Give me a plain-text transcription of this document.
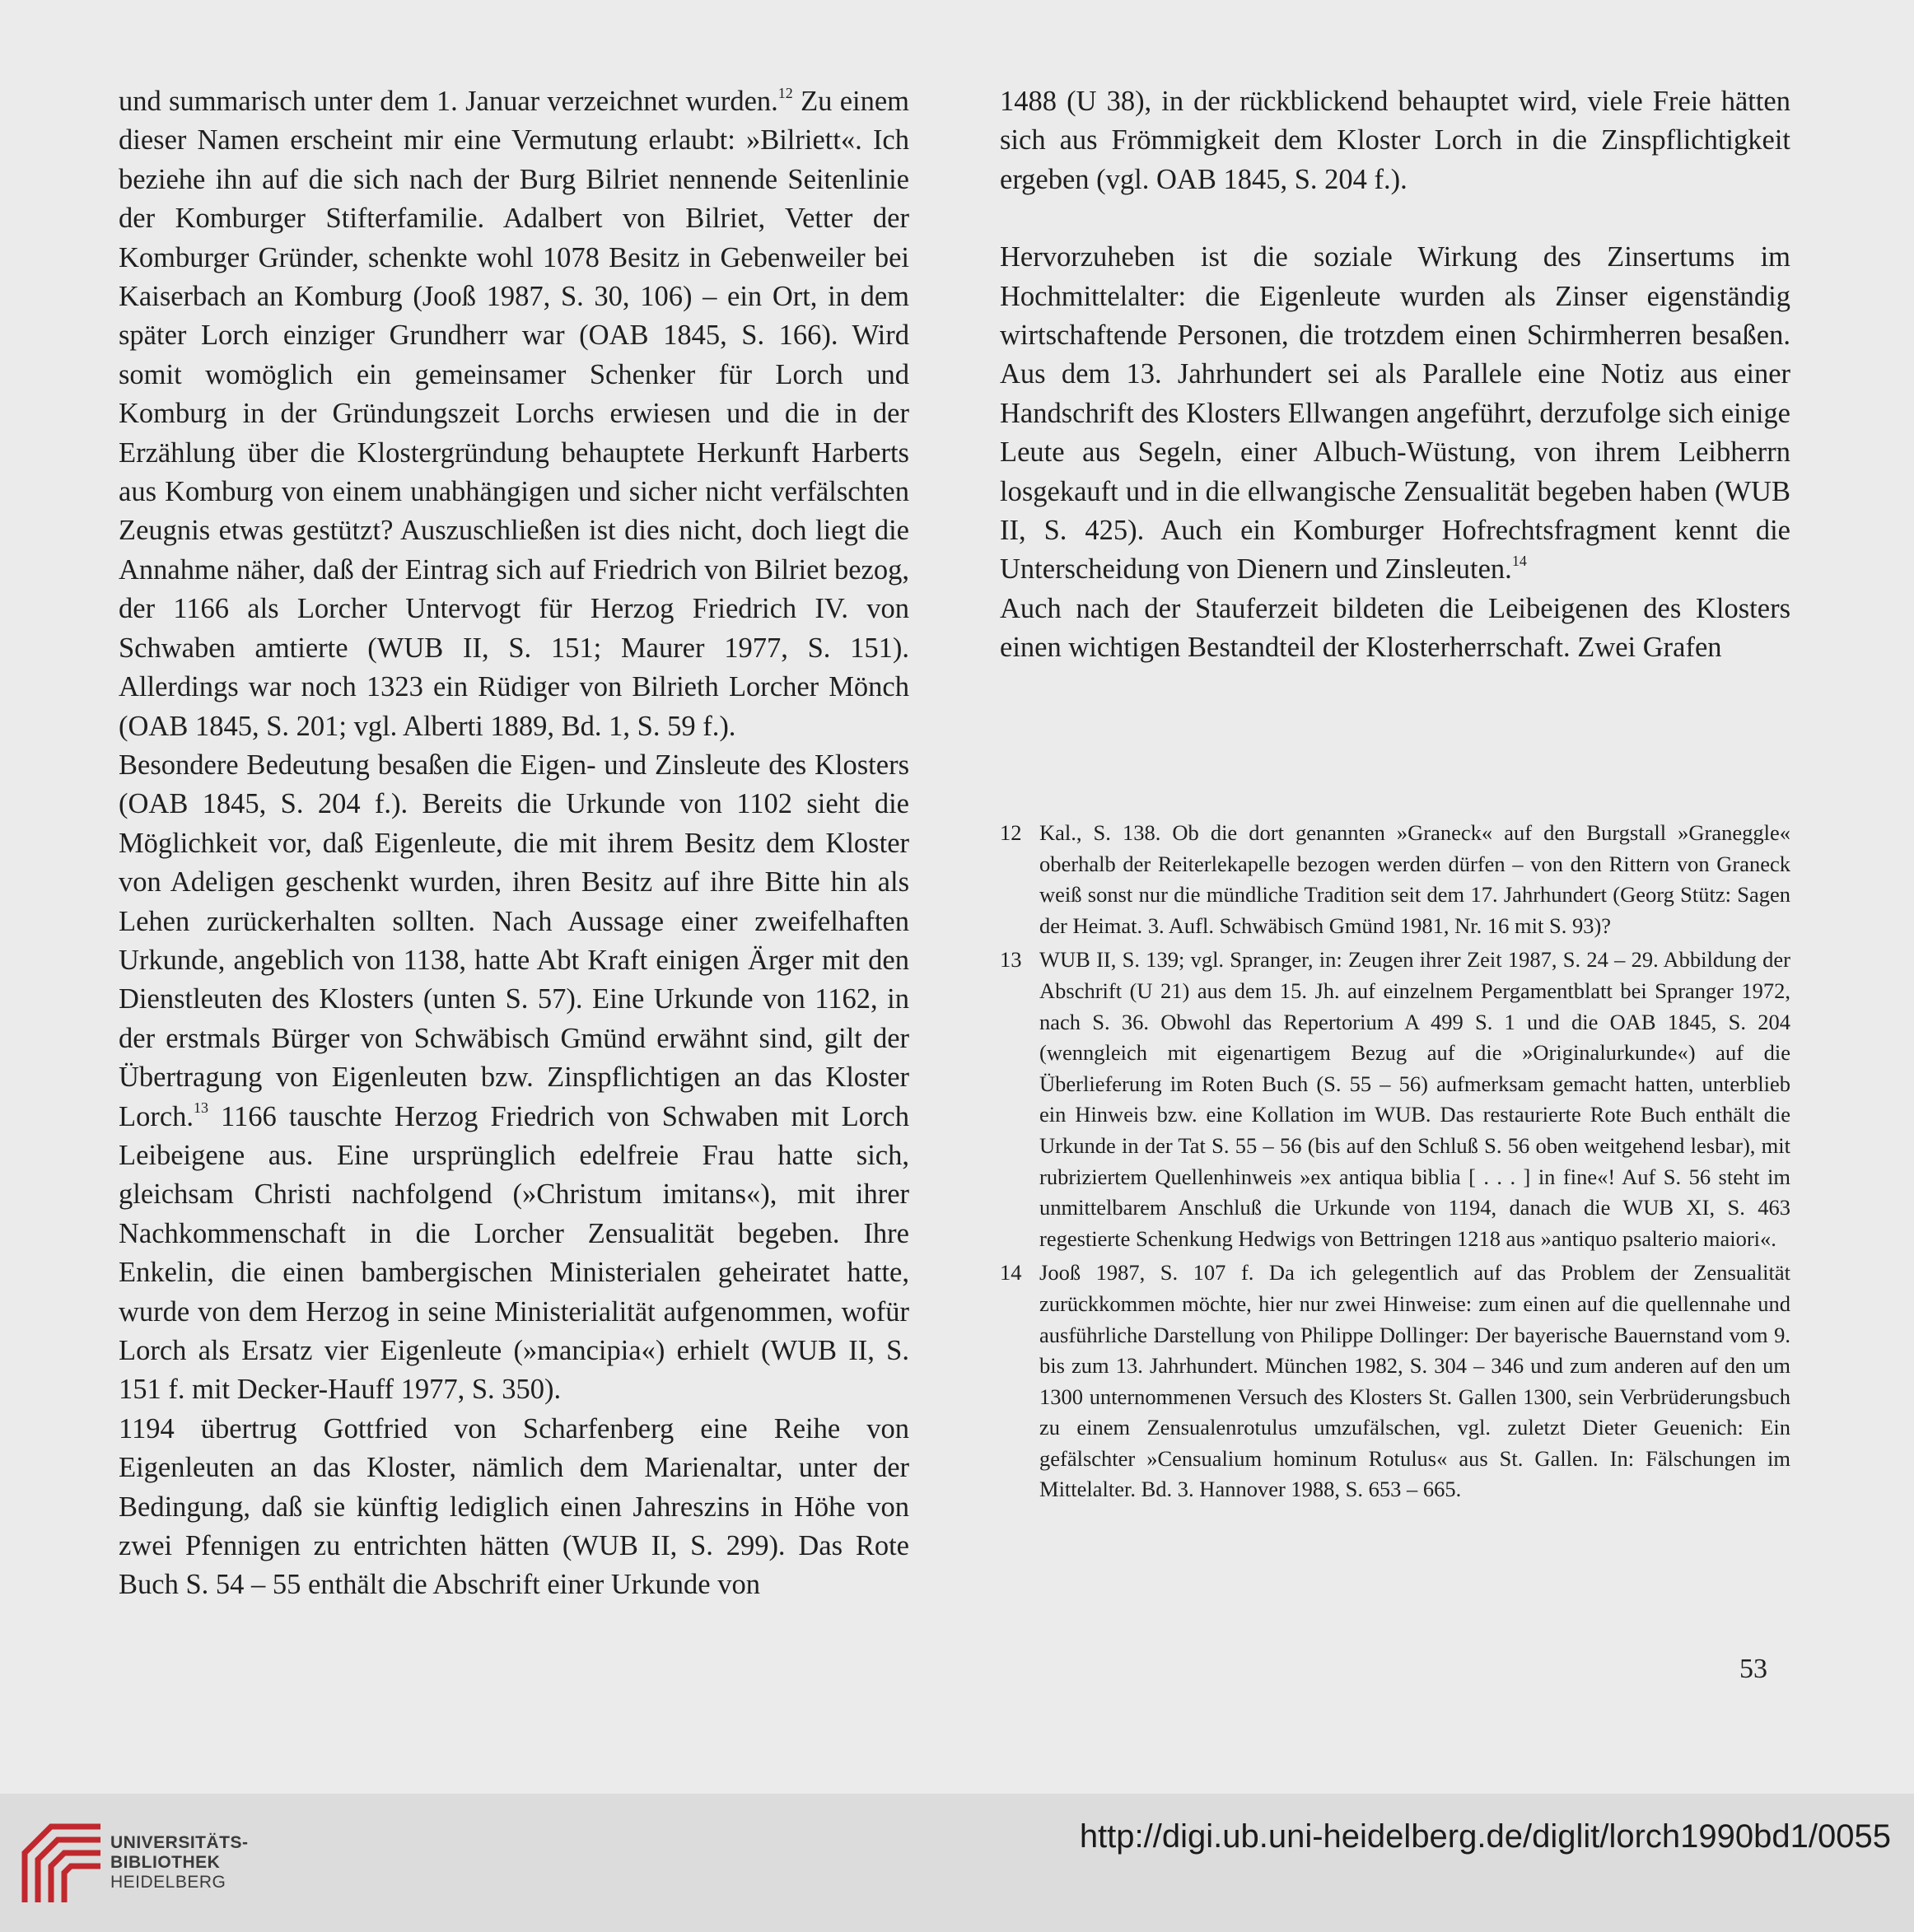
und summarisch unter dem 1. Januar verzeichnet wurden.$^{12}$ Zu einem dieser Namen erscheint mir eine Vermutung erlaubt: »Bilriett«. Ich beziehe ihn auf die sich nach der Burg Bilriet nennende Seitenlinie der Komburger Stifterfamilie. Adalbert von Bilriet, Vetter der Komburger Gründer, schenkte wohl 1078 Besitz in Gebenweiler bei Kaiserbach an Komburg (Jooß 1987, S. 30, 106) – ein Ort, in dem später Lorch einziger Grundherr war (OAB 1845, S. 166). Wird somit womöglich ein gemeinsamer Schenker für Lorch und Komburg in der Gründungszeit Lorchs erwiesen und die in der Erzählung über die Klostergründung behauptete Herkunft Harberts aus Komburg von einem unabhängigen und sicher nicht verfälschten Zeugnis etwas gestützt? Auszuschließen ist dies nicht, doch liegt die Annahme näher, daß der Eintrag sich auf Friedrich von Bilriet bezog, der 1166 als Lorcher Untervogt für Herzog Friedrich IV. von Schwaben amtierte (WUB II, S. 151; Maurer 1977, S. 151). Allerdings war noch 1323 ein Rüdiger von Bilrieth Lorcher Mönch (OAB 1845, S. 201; vgl. Alberti 1889, Bd. 1, S. 59 f.).

Besondere Bedeutung besaßen die Eigen- und Zinsleute des Klosters (OAB 1845, S. 204 f.). Bereits die Urkunde von 1102 sieht die Möglichkeit vor, daß Eigenleute, die mit ihrem Besitz dem Kloster von Adeligen geschenkt wurden, ihren Besitz auf ihre Bitte hin als Lehen zurückerhalten sollten. Nach Aussage einer zweifelhaften Urkunde, angeblich von 1138, hatte Abt Kraft einigen Ärger mit den Dienstleuten des Klosters (unten S. 57). Eine Urkunde von 1162, in der erstmals Bürger von Schwäbisch Gmünd erwähnt sind, gilt der Übertragung von Eigenleuten bzw. Zinspflichtigen an das Kloster Lorch.$^{13}$ 1166 tauschte Herzog Friedrich von Schwaben mit Lorch Leibeigene aus. Eine ursprünglich edelfreie Frau hatte sich, gleichsam Christi nachfolgend (»Christum imitans«), mit ihrer Nachkommenschaft in die Lorcher Zensualität begeben. Ihre Enkelin, die einen bambergischen Ministerialen geheiratet hatte, wurde von dem Herzog in seine Ministerialität aufgenommen, wofür Lorch als Ersatz vier Eigenleute (»mancipia«) erhielt (WUB II, S. 151 f. mit Decker-Hauff 1977, S. 350).

1194 übertrug Gottfried von Scharfenberg eine Reihe von Eigenleuten an das Kloster, nämlich dem Marienaltar, unter der Bedingung, daß sie künftig lediglich einen Jahreszins in Höhe von zwei Pfennigen zu entrichten hätten (WUB II, S. 299). Das Rote Buch S. 54 – 55 enthält die Abschrift einer Urkunde von

1488 (U 38), in der rückblickend behauptet wird, viele Freie hätten sich aus Frömmigkeit dem Kloster Lorch in die Zinspflichtigkeit ergeben (vgl. OAB 1845, S. 204 f.).

Hervorzuheben ist die soziale Wirkung des Zinsertums im Hochmittelalter: die Eigenleute wurden als Zinser eigenständig wirtschaftende Personen, die trotzdem einen Schirmherren besaßen. Aus dem 13. Jahrhundert sei als Parallele eine Notiz aus einer Handschrift des Klosters Ellwangen angeführt, derzufolge sich einige Leute aus Segeln, einer Albuch-Wüstung, von ihrem Leibherrn losgekauft und in die ellwangische Zensualität begeben haben (WUB II, S. 425). Auch ein Komburger Hofrechtsfragment kennt die Unterscheidung von Dienern und Zinsleuten.$^{14}$

Auch nach der Stauferzeit bildeten die Leibeigenen des Klosters einen wichtigen Bestandteil der Klosterherrschaft. Zwei Grafen

12 Kal., S. 138. Ob die dort genannten »Graneck« auf den Burgstall »Graneggle« oberhalb der Reiterlekapelle bezogen werden dürfen – von den Rittern von Graneck weiß sonst nur die mündliche Tradition seit dem 17. Jahrhundert (Georg Stütz: Sagen der Heimat. 3. Aufl. Schwäbisch Gmünd 1981, Nr. 16 mit S. 93)?
13 WUB II, S. 139; vgl. Spranger, in: Zeugen ihrer Zeit 1987, S. 24 – 29. Abbildung der Abschrift (U 21) aus dem 15. Jh. auf einzelnem Pergamentblatt bei Spranger 1972, nach S. 36. Obwohl das Repertorium A 499 S. 1 und die OAB 1845, S. 204 (wenngleich mit eigenartigem Bezug auf die »Originalurkunde«) auf die Überlieferung im Roten Buch (S. 55 – 56) aufmerksam gemacht hatten, unterblieb ein Hinweis bzw. eine Kollation im WUB. Das restaurierte Rote Buch enthält die Urkunde in der Tat S. 55 – 56 (bis auf den Schluß S. 56 oben weitgehend lesbar), mit rubriziertem Quellenhinweis »ex antiqua biblia [ . . . ] in fine«! Auf S. 56 steht im unmittelbarem Anschluß die Urkunde von 1194, danach die WUB XI, S. 463 regestierte Schenkung Hedwigs von Bettringen 1218 aus »antiquo psalterio maiori«.
14 Jooß 1987, S. 107 f. Da ich gelegentlich auf das Problem der Zensualität zurückkommen möchte, hier nur zwei Hinweise: zum einen auf die quellennahe und ausführliche Darstellung von Philippe Dollinger: Der bayerische Bauernstand vom 9. bis zum 13. Jahrhundert. München 1982, S. 304 – 346 und zum anderen auf den um 1300 unternommenen Versuch des Klosters St. Gallen 1300, sein Verbrüderungsbuch zu einem Zensualenrotulus umzufälschen, vgl. zuletzt Dieter Geuenich: Ein gefälschter »Censualium hominum Rotulus« aus St. Gallen. In: Fälschungen im Mittelalter. Bd. 3. Hannover 1988, S. 653 – 665.
53
UNIVERSITÄTS-
BIBLIOTHEK
HEIDELBERG
http://digi.ub.uni-heidelberg.de/diglit/lorch1990bd1/0055
